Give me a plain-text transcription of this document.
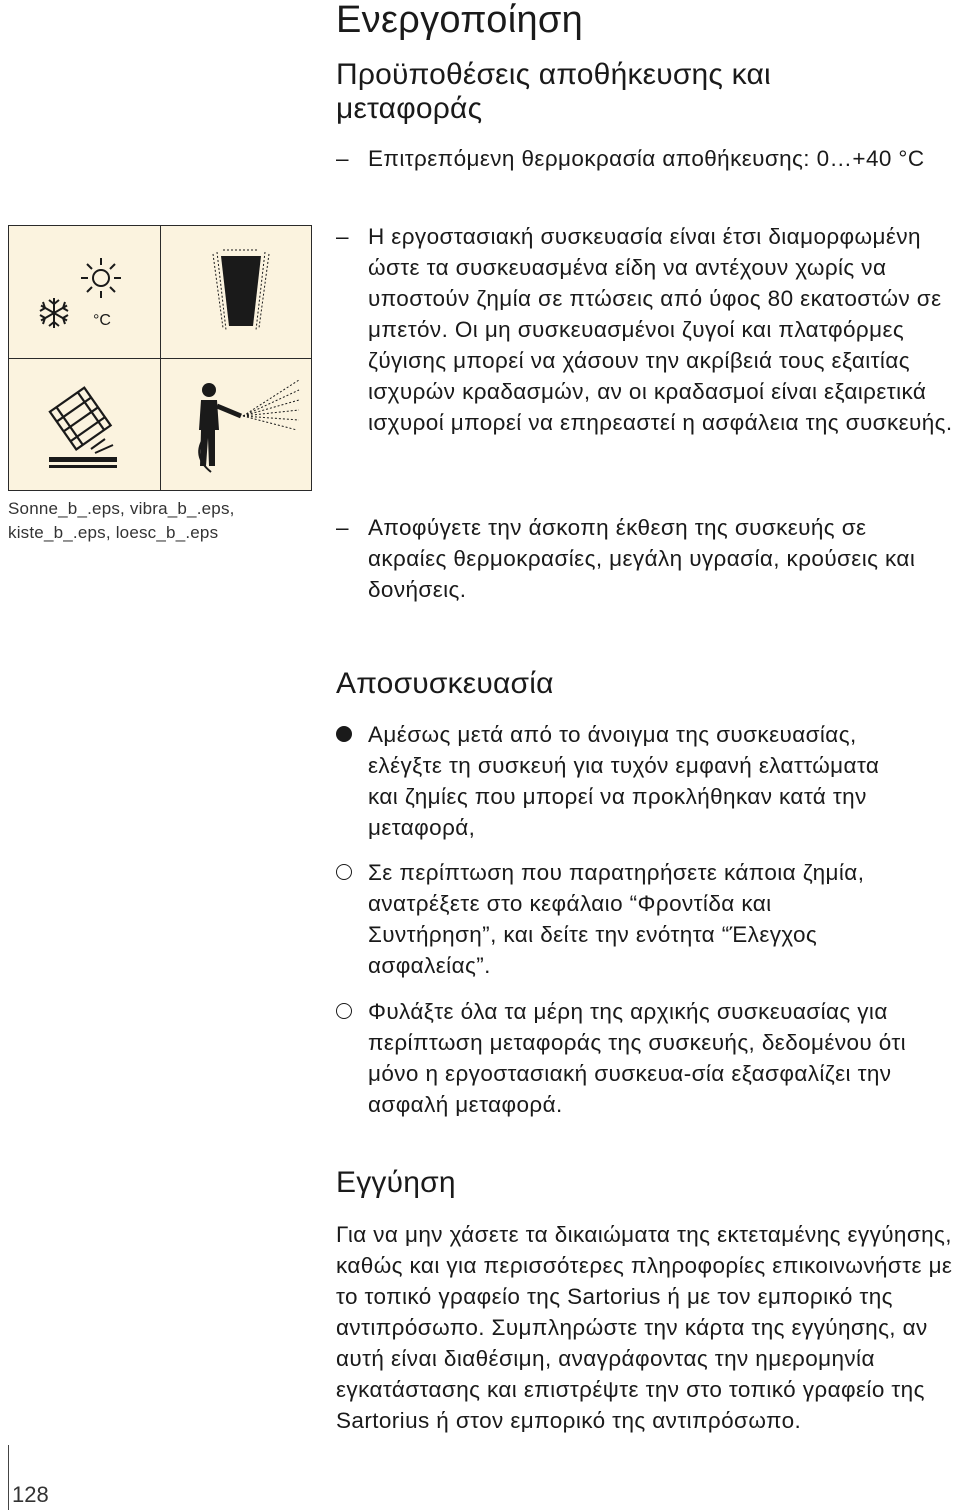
Ενεργοποίηση
Προϋποθέσεις αποθήκευσης και μεταφοράς
– Επιτρεπόμενη θερμοκρασία αποθήκευσης: 0…+40 °C
– Η εργοστασιακή συσκευασία είναι έτσι διαμορφωμένη ώστε τα συσκευασμένα είδη να αντέχουν χωρίς να υποστούν ζημία σε πτώσεις από ύφος 80 εκατοστών σε μπετόν. Οι μη συσκευασμένοι ζυγοί και πλατφόρμες ζύγισης μπορεί να χάσουν την ακρίβειά τους εξαιτίας ισχυρών κραδασμών, αν οι κραδασμοί είναι εξαιρετικά ισχυροί μπορεί να επηρεαστεί η ασφάλεια της συσκευής.
– Αποφύγετε την άσκοπη έκθεση της συσκευής σε ακραίες θερμοκρασίες, μεγάλη υγρασία, κρούσεις και δονήσεις.
°C
Sonne_b_.eps, vibra_b_.eps,
kiste_b_.eps, loesc_b_.eps
Αποσυσκευασία
Αμέσως μετά από το άνοιγμα της συσκευασίας, ελέγξτε τη συσκευή για τυχόν εμφανή ελαττώματα και ζημίες που μπορεί να προκλήθηκαν κατά την μεταφορά,
Σε περίπτωση που παρατηρήσετε κάποια ζημία, ανατρέξετε στο κεφάλαιο “Φροντίδα και Συντήρηση”, και δείτε την ενότητα “Έλεγχος ασφαλείας”.
Φυλάξτε όλα τα μέρη της αρχικής συσκευασίας για περίπτωση μεταφοράς της συσκευής, δεδομένου ότι μόνο η εργοστασιακή συσκευα-σία εξασφαλίζει την ασφαλή μεταφορά.
Εγγύηση
Για να μην χάσετε τα δικαιώματα της εκτεταμένης εγγύησης, καθώς και για περισσότερες πληροφορίες επικοινωνήστε με το τοπικό γραφείο της Sartorius ή με τον εμπορικό της αντιπρόσωπο. Συμπληρώστε την κάρτα της εγγύησης, αν αυτή είναι διαθέσιμη, αναγράφοντας την ημερομηνία εγκατάστασης και επιστρέψτε την στο τοπικό γραφείο της Sartorius ή στον εμπορικό της αντιπρόσωπο.
128
